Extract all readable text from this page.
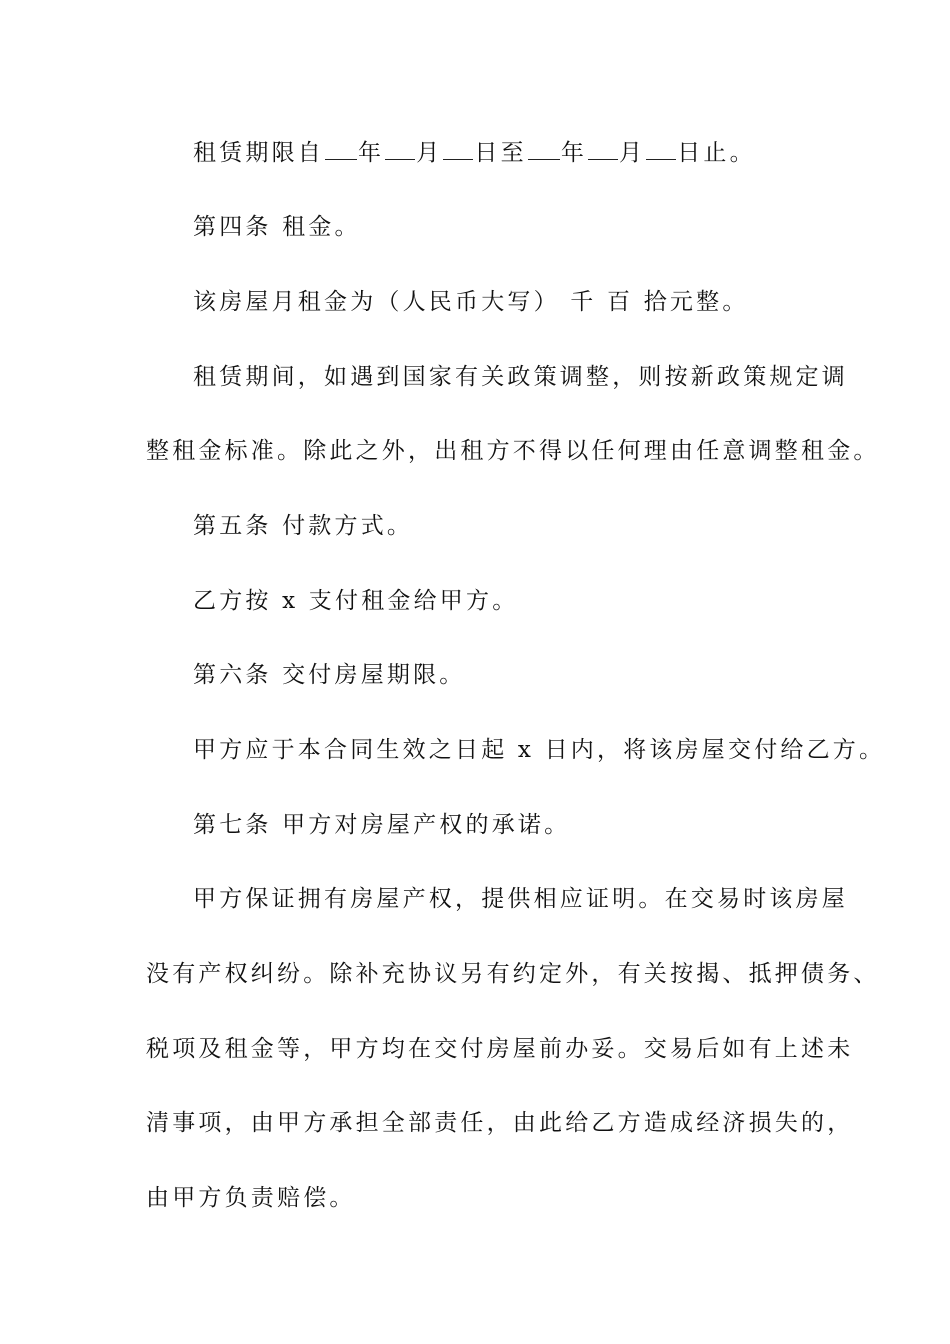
租赁期限自 年 月 日至 年 月 日止。
第四条 租金。
该房屋月租金为（人民币大写） 千 百 拾元整。
租赁期间，如遇到国家有关政策调整，则按新政策规定调
整租金标准。除此之外，出租方不得以任何理由任意调整租金。
第五条 付款方式。
乙方按 x 支付租金给甲方。
第六条 交付房屋期限。
甲方应于本合同生效之日起 x 日内，将该房屋交付给乙方。
第七条 甲方对房屋产权的承诺。
甲方保证拥有房屋产权，提供相应证明。在交易时该房屋
没有产权纠纷。除补充协议另有约定外，有关按揭、抵押债务、
税项及租金等，甲方均在交付房屋前办妥。交易后如有上述未
清事项，由甲方承担全部责任，由此给乙方造成经济损失的，
由甲方负责赔偿。
